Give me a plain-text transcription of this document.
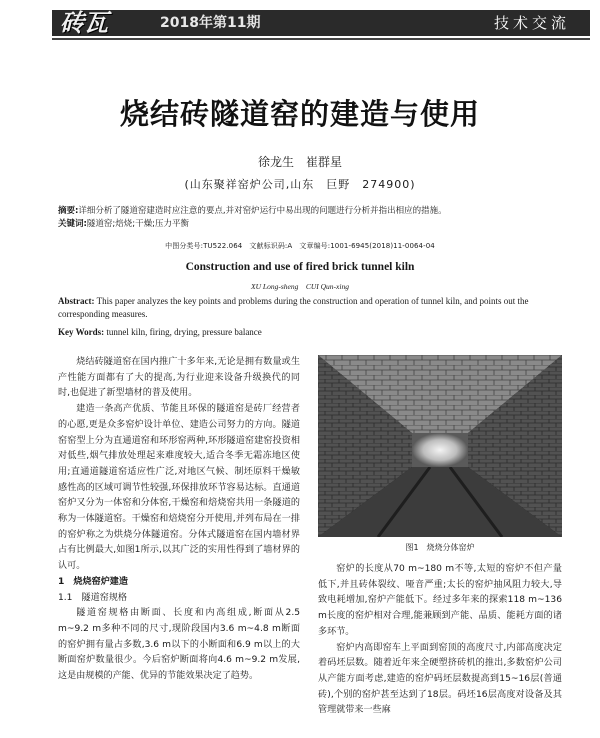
砖瓦	2018年第11期	技术交流
烧结砖隧道窑的建造与使用
徐龙生　崔群星
(山东聚祥窑炉公司,山东　巨野　274900)
摘要:详细分析了隧道窑建造时应注意的要点,并对窑炉运行中易出现的问题进行分析并指出相应的措施。
关键词:隧道窑;焙烧;干燥;压力平衡
中图分类号:TU522.064　文献标识码:A　文章编号:1001-6945(2018)11-0064-04
Construction and use of fired brick tunnel kiln
XU Long-sheng　CUI Qun-xing
Abstract: This paper analyzes the key points and problems during the construction and operation of tunnel kiln, and points out the corresponding measures.
Key Words: tunnel kiln, firing, drying, pressure balance

烧结砖隧道窑在国内推广十多年来,无论是拥有数量或生产性能方面都有了大的提高,为行业迎来设备升级换代的同时,也促进了新型墙材的普及使用。

建造一条高产优质、节能且环保的隧道窑是砖厂经营者的心愿,更是众多窑炉设计单位、建造公司努力的方向。隧道窑窑型上分为直通道窑和环形窑两种,环形隧道窑建窑投资相对低些,烟气排放处理起来难度较大,适合冬季无霜冻地区使用;直通道隧道窑适应性广泛,对地区气候、制坯原料干燥敏感性高的区域可调节性较强,环保排放环节容易达标。直通道窑炉又分为一体窑和分体窑,干燥窑和焙烧窑共用一条隧道的称为一体隧道窑。干燥窑和焙烧窑分开使用,并列布局在一排的窑炉称之为烘烧分体隧道窑。分体式隧道窑在国内墙材界占有比例最大,如图1所示,以其广泛的实用性得到了墙材界的认可。

1　烧烧窑炉建造
1.1　隧道窑规格

隧道窑规格由断面、长度和内高组成,断面从2.5 m~9.2 m多种不同的尺寸,现阶段国内3.6 m~4.8 m断面的窑炉拥有量占多数,3.6 m以下的小断面和6.9 m以上的大断面窑炉数量很少。今后窑炉断面将向4.6 m~9.2 m发展,这是由规模的产能、优异的节能效果决定了趋势。

图1　烧烧分体窑炉

窑炉的长度从70 m~180 m不等,太短的窑炉不但产量低下,并且砖体裂纹、哑音严重;太长的窑炉抽风阻力较大,导致电耗增加,窑炉产能低下。经过多年来的探索118 m~136 m长度的窑炉相对合理,能兼顾到产能、品质、能耗方面的诸多环节。

窑炉内高即窑车上平面到窑顶的高度尺寸,内部高度决定着码坯层数。随着近年来全硬塑挤砖机的推出,多数窑炉公司从产能方面考虑,建造的窑炉码坯层数提高到15~16层(普通砖),个别的窑炉甚至达到了18层。码坯16层高度对设备及其管理就带来一些麻
